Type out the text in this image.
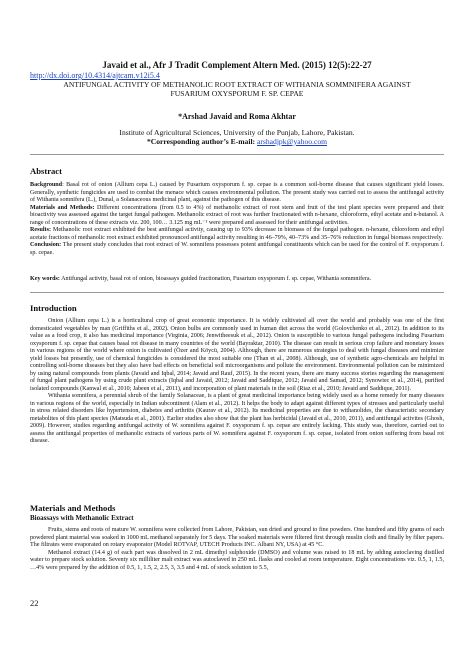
Javaid et al., Afr J Tradit Complement Altern Med. (2015) 12(5):22-27
http://dx.doi.org/10.4314/ajtcam.v12i5.4
ANTIFUNGAL ACTIVITY OF METHANOLIC ROOT EXTRACT OF WITHANIA SOMMNIFERA AGAINST
FUSARIUM OXYSPORUM F. SP. CEPAE
*Arshad Javaid and Roma Akhtar
Institute of Agricultural Sciences, University of the Punjab, Lahore, Pakistan.
*Corresponding author’s E-mail: arshadjpk@yahoo.com
Abstract

Background: Basal rot of onion (Allium cepa L.) caused by Fusarium oxysporum f. sp. cepae is a common soil-borne disease that causes significant yield losses. Generally, synthetic fungicides are used to combat the menace which causes environmental pollution. The present study was carried out to assess the antifungal activity of Withania somnifera (L.), Dunal, a Solanaceous medicinal plant, against the pathogen of this disease.

Materials and Methods: Different concentrations (from 0.5 to 4%) of methanolic extract of root stem and fruit of the test plant species were prepared and their bioactivity was assessed against the target fungal pathogen. Methanolic extract of root was further fractionated with n-hexane, chloroform, ethyl acetate and n-butanol. A range of concentrations of these extracts viz. 200, 100… 3.125 mg mL⁻¹ were prepared and assessed for their antifungal activities.

Results: Methanolic root extract exhibited the best antifungal activity, causing up to 93% decrease in biomass of the fungal pathogen. n-hexane, chloroform and ethyl acetate fractions of methanolic root extract exhibited pronounced antifungal activity resulting in 46–79%, 40–73% and 35–76% reduction in fungal biomass respectively.

Conclusion: The present study concludes that root extract of W. somnifera possesses potent antifungal constituents which can be used for the control of F. oxysporum f. sp. cepae.

Key words: Antifungal activity, basal rot of onion, bioassays guided fractionation, Fusarium oxysporum f. sp. cepae, Withania sommnifera.

Introduction

Onion (Allium cepa L.) is a horticultural crop of great economic importance. It is widely cultivated all over the world and probably was one of the first domesticated vegetables by man (Griffiths et al., 2002). Onion bulbs are commonly used in human diet across the world (Golovchenko et al., 2012). In addition to its value as a food crop, it also has medicinal importance (Virginia, 2006; Jenwitheesuk et al., 2012). Onion is susceptible to various fungal pathogens including Fusarium oxysporum f. sp. cepae that causes basal rot disease in many countries of the world (Bayraktar, 2010). The disease can result in serious crop failure and monetary losses in various regions of the world where onion is cultivated (Özer and Köycü, 2004). Although, there are numerous strategies to deal with fungal diseases and minimize yield losses but presently, use of chemical fungicides is considered the most suitable one (Than et al., 2008). Although, use of synthetic agro-chemicals are helpful in controlling soil-borne diseases but they also have bad effects on beneficial soil microorganisms and pollute the environment. Environmental pollution can be minimized by using natural compounds from plants (Javaid and Iqbal, 2014; Javaid and Rauf, 2015). In the recent years, there are many success stories regarding the management of fungal plant pathogens by using crude plant extracts (Iqbal and Javaid, 2012; Javaid and Saddique, 2012; Javaid and Samad, 2012; Synowiec et al., 2014), purified isolated compounds (Kanwal et al., 2010; Jabeen et al., 2011), and incorporation of plant materials in the soil (Riaz et al., 2010; Javaid and Saddique, 2011).

Withania somnifera, a perennial shrub of the family Solanaceae, is a plant of great medicinal importance being widely used as a home remedy for many diseases in various regions of the world, especially in Indian subcontinent (Alam et al., 2012). It helps the body to adapt against different types of stresses and particularly useful in stress related disorders like hypertension, diabetes and arthritis (Kaurav et al., 2012). Its medicinal properties are due to withanolides, the characteristic secondary metabolites of this plant species (Matsuda et al., 2001). Earlier studies also show that the plant has herbicidal (Javaid et al., 2010, 2011), and antifungal activites (Ghosh, 2009). However, studies regarding antifungal activity of W. somnifera against F. oxysporum f. sp. cepae are entirely lacking. This study was, therefore, carried out to assess the antifungal properties of methanolic extracts of various parts of W. somnifera against F. oxysporum f. sp. cepae, isolated from onion suffering from basal rot disease.

Materials and Methods
Bioassays with Methanolic Extract

Fruits, stems and roots of mature W. somnifera were collected from Lahore, Pakistan, sun dried and ground to fine powders. One hundred and fifty grams of each powdered plant material was soaked in 1000 mL methanol separately for 5 days. The soaked materials were filtered first through muslin cloth and finally by filter papers. The filtrates were evaporated on rotary evaporator (Model ROTVAP, UTECH Products INC. Albani NY, USA) at 45 °C.

Methanol extract (14.4 g) of each part was dissolved in 2 mL dimethyl sulphoxide (DMSO) and volume was raised to 18 mL by adding autoclaving distilled water to prepare stock solution. Seventy six milliliter malt extract was autoclaved in 250 mL flasks and cooled at room temperature. Eight concentrations viz. 0.5, 1, 1.5, …4% were prepared by the addition of 0.5, 1, 1.5, 2, 2.5, 3, 3.5 and 4 mL of stock solution to 5.5,

22
